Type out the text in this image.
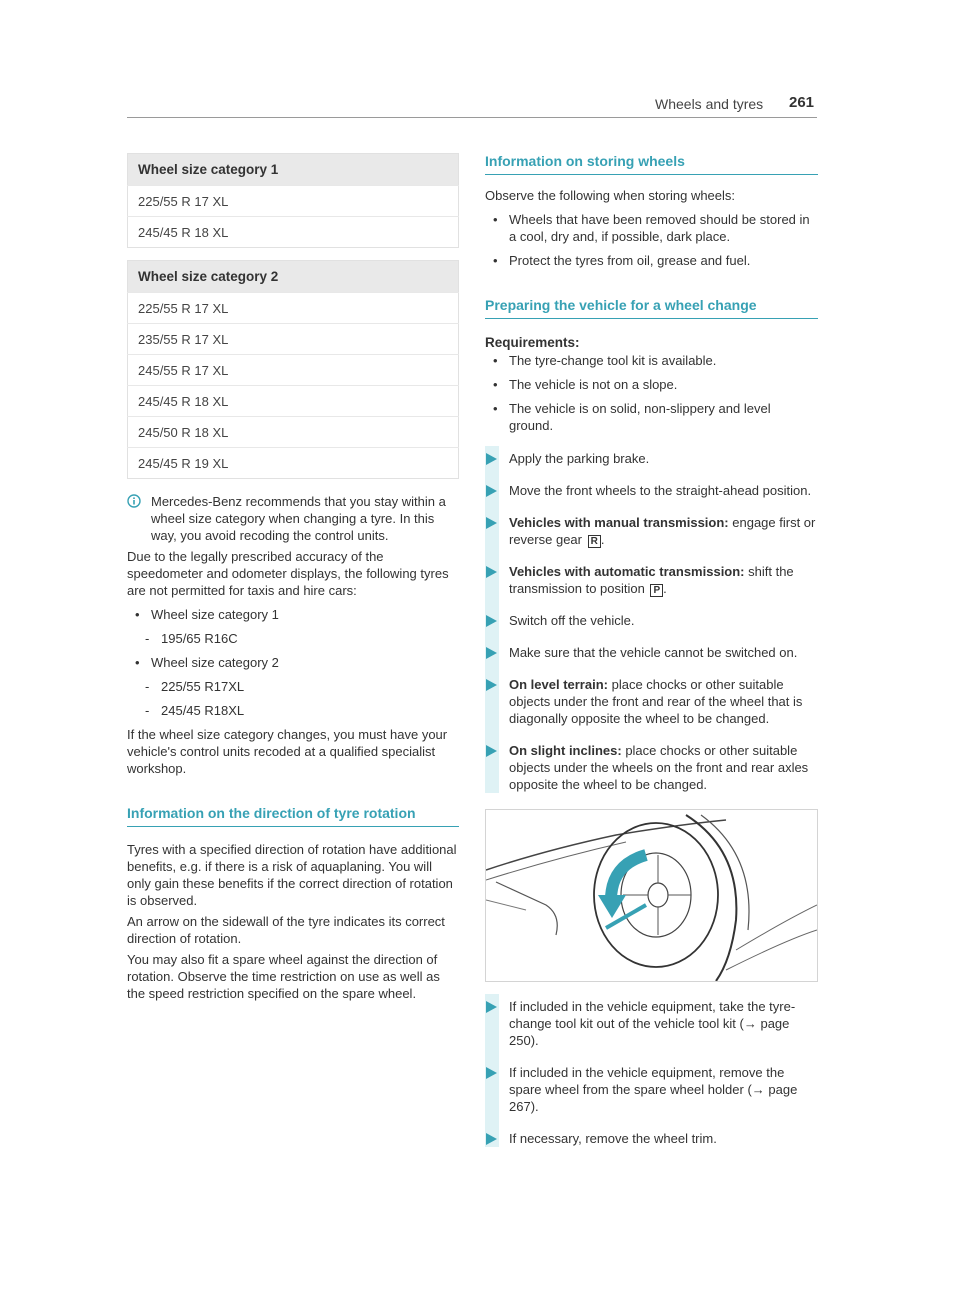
Wheels and tyres 261
Wheel size category 1
225/55 R 17 XL
245/45 R 18 XL
Wheel size category 2
225/55 R 17 XL
235/55 R 17 XL
245/55 R 17 XL
245/45 R 18 XL
245/50 R 18 XL
245/45 R 19 XL
Mercedes-Benz recommends that you stay within a wheel size category when changing a tyre. In this way, you avoid recoding the control units.

Due to the legally prescribed accuracy of the speedometer and odometer displays, the following tyres are not permitted for taxis and hire cars:

• Wheel size category 1
- 195/65 R16C
• Wheel size category 2
- 225/55 R17XL
- 245/45 R18XL

If the wheel size category changes, you must have your vehicle's control units recoded at a qualified specialist workshop.

Information on the direction of tyre rotation

Tyres with a specified direction of rotation have additional benefits, e.g. if there is a risk of aquaplaning. You will only gain these benefits if the correct direction of rotation is observed.

An arrow on the sidewall of the tyre indicates its correct direction of rotation.

You may also fit a spare wheel against the direction of rotation. Observe the time restriction on use as well as the speed restriction specified on the spare wheel.

Information on storing wheels

Observe the following when storing wheels:

• Wheels that have been removed should be stored in a cool, dry and, if possible, dark place.
• Protect the tyres from oil, grease and fuel.
Preparing the vehicle for a wheel change
Requirements:
• The tyre-change tool kit is available.
• The vehicle is not on a slope.
• The vehicle is on solid, non-slippery and level ground.
Apply the parking brake.
Move the front wheels to the straight-ahead position.
Vehicles with manual transmission: engage first or reverse gear R .
Vehicles with automatic transmission: shift the transmission to position P .
Switch off the vehicle.
Make sure that the vehicle cannot be switched on.
On level terrain: place chocks or other suitable objects under the front and rear of the wheel that is diagonally opposite the wheel to be changed.
On slight inclines: place chocks or other suitable objects under the wheels on the front and rear axles opposite the wheel to be changed.
If included in the vehicle equipment, take the tyre-change tool kit out of the vehicle tool kit (→ page 250).
If included in the vehicle equipment, remove the spare wheel from the spare wheel holder (→ page 267).
If necessary, remove the wheel trim.
